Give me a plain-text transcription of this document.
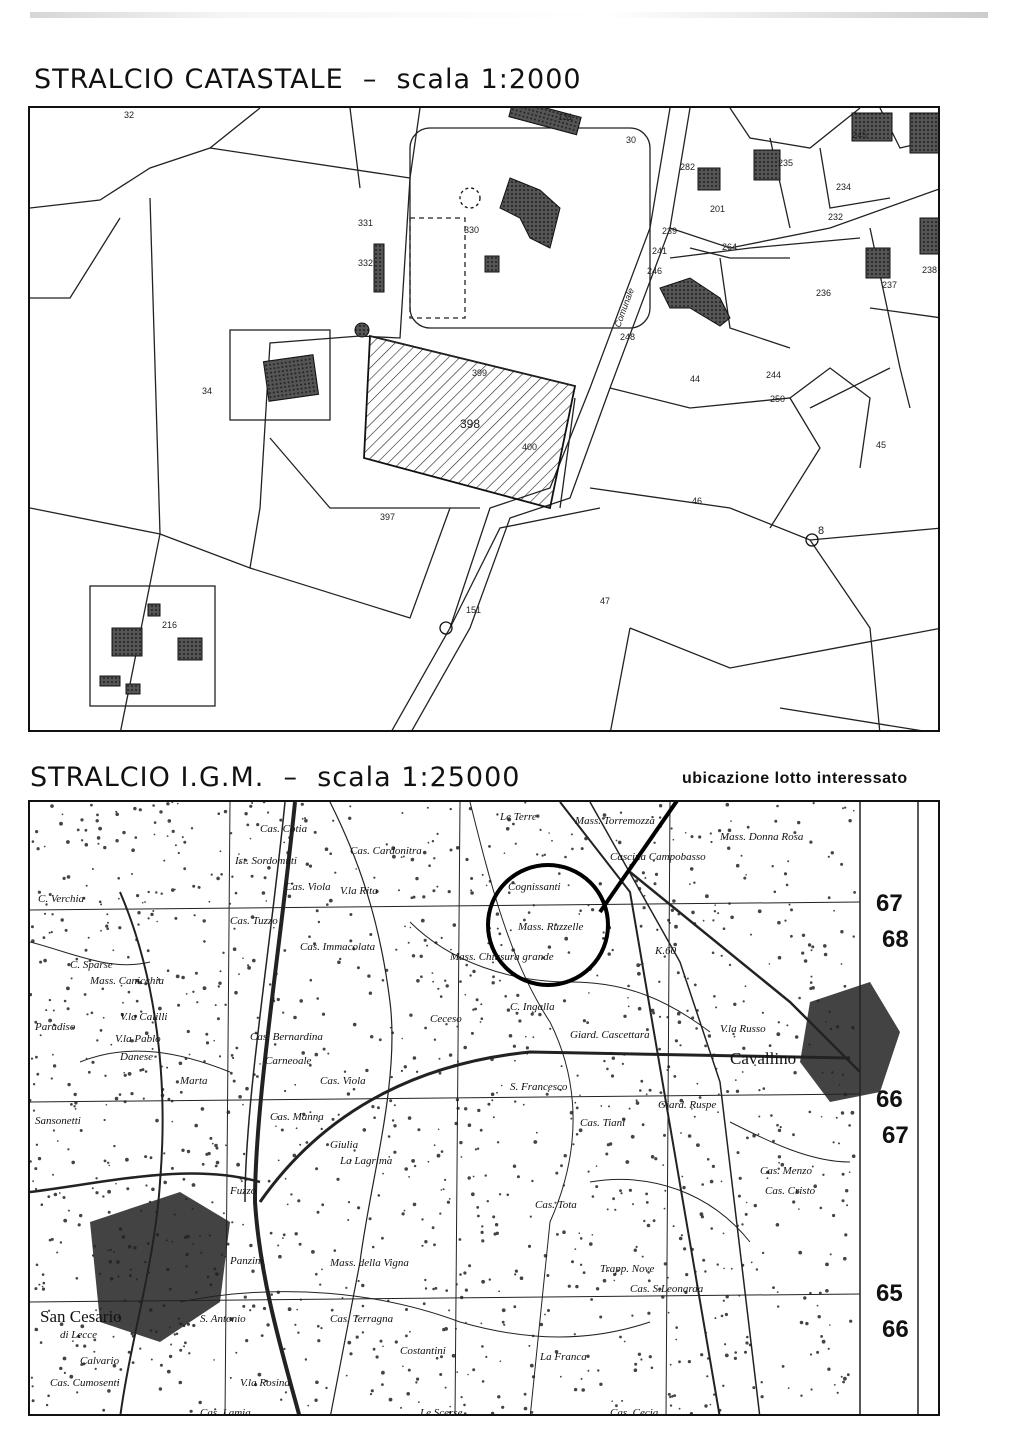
STRALCIO CATASTALE  –  scala 1:2000
32	131
30
331
330
332
34
399
398
400
397
216
151
282	235
201
239
241	264
245
246
248
236
237
238
232
234
44	244
250
45
46
47
8
Comunale
STRALCIO I.G.M.  –  scala 1:25000	ubicazione lotto interessato
Cas. Cotia
Cas. Cardonitra
Le Terre	Mass. Torremozza
Mass. Donna Rosa
Ist. Sordomuti
Cas. Viola V.la Rita	Cognissanti
Cascina Campobasso
C. Verchia
Cas. Tuzzo
Cas. Immacolata
Mass. Ruzzelle
Mass. Chiusura grande
C. Sparse
Mass. Canicchia
C. Ingalla
V.la Calilli
Paradiso
Cas. Bernardina
Ceceso
Giard. Cascettara	V.la Russo
V.la Pablo
Danese	Carneoale	Cavallino
Marta	Cas. Viola	S. Francesco
Sansonetti	Cas. Manna	Cas. Tiani
Giard. Ruspe
Giulia
La Lagrima
Cas. Menzo
Cas. Tota
Cas. Cristo
Fuzzo
Panzini	Mass. della Vigna	Trapp. Nove
Cas. S.Leonarda
San Cesario
di Lecce
S. Antonio	Cas. Terragna
Costantini
Calvario
Cas. Cumosenti	V.la Rosina
La Franca
Cas. Lamia	Le Scerse	Cas. Cecia
K.60
67
68
66
67
65
66
